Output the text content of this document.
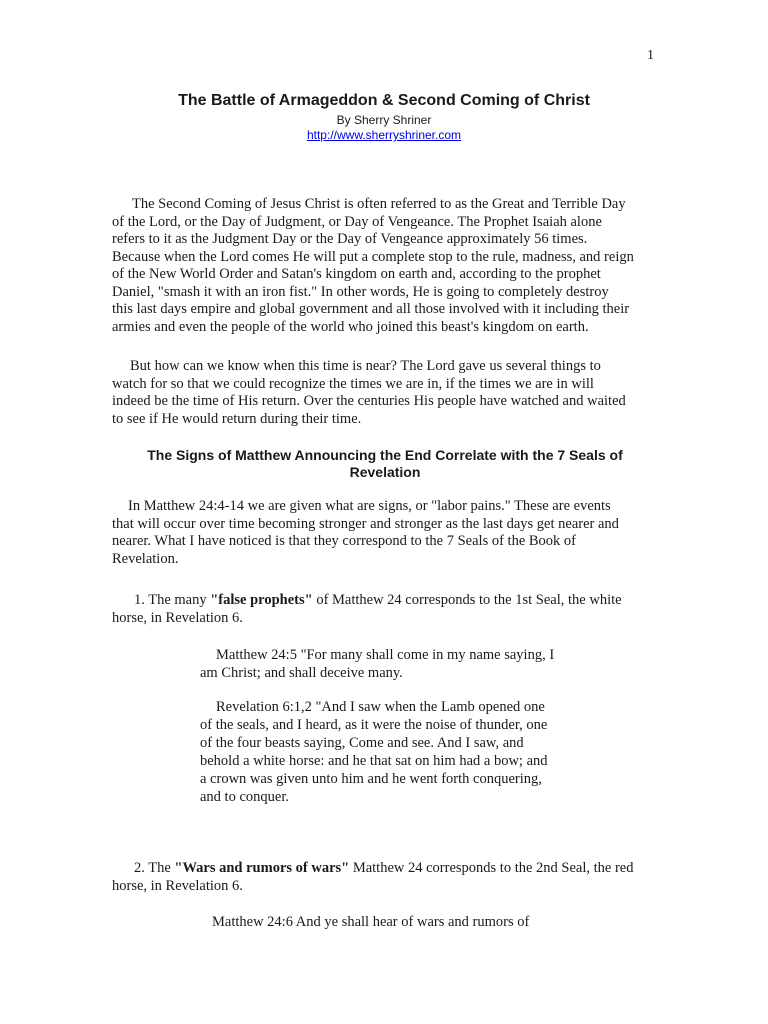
1
The Battle of Armageddon & Second Coming of Christ
By Sherry Shriner
http://www.sherryshriner.com
The Second Coming of Jesus Christ is often referred to as the Great and Terrible Day
of the Lord, or the Day of Judgment, or Day of Vengeance. The Prophet Isaiah alone
refers to it as the Judgment Day or the Day of Vengeance approximately 56 times.
Because when the Lord comes He will put a complete stop to the rule, madness, and reign
of the New World Order and Satan's kingdom on earth and, according to the prophet
Daniel, "smash it with an iron fist." In other words, He is going to completely destroy
this last days empire and global government and all those involved with it including their
armies and even the people of the world who joined this beast's kingdom on earth.
But how can we know when this time is near? The Lord gave us several things to
watch for so that we could recognize the times we are in, if the times we are in will
indeed be the time of His return. Over the centuries His people have watched and waited
to see if He would return during their time.
The Signs of Matthew Announcing the End Correlate with the 7 Seals of
Revelation
In Matthew 24:4-14 we are given what are signs, or "labor pains." These are events
that will occur over time becoming stronger and stronger as the last days get nearer and
nearer. What I have noticed is that they correspond to the 7 Seals of the Book of
Revelation.
1. The many "false prophets" of Matthew 24 corresponds to the 1st Seal, the white
horse, in Revelation 6.
Matthew 24:5 "For many shall come in my name saying, I
am Christ; and shall deceive many.
Revelation 6:1,2 "And I saw when the Lamb opened one
of the seals, and I heard, as it were the noise of thunder, one
of the four beasts saying, Come and see. And I saw, and
behold a white horse: and he that sat on him had a bow; and
a crown was given unto him and he went forth conquering,
and to conquer.
2. The "Wars and rumors of wars" Matthew 24 corresponds to the 2nd Seal, the red
horse, in Revelation 6.
Matthew 24:6 And ye shall hear of wars and rumors of
